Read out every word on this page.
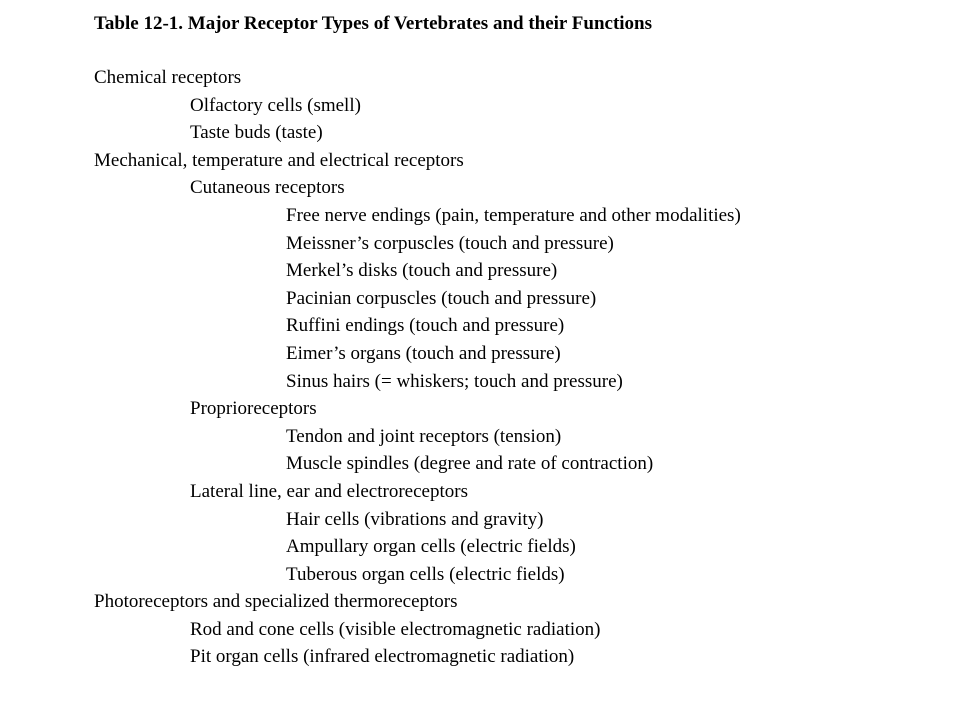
Table 12-1. Major Receptor Types of Vertebrates and their Functions
Chemical receptors
Olfactory cells (smell)
Taste buds (taste)
Mechanical, temperature and electrical receptors
Cutaneous receptors
Free nerve endings (pain, temperature and other modalities)
Meissner’s corpuscles (touch and pressure)
Merkel’s disks (touch and pressure)
Pacinian corpuscles (touch and pressure)
Ruffini endings (touch and pressure)
Eimer’s organs (touch and pressure)
Sinus hairs (= whiskers; touch and pressure)
Proprioreceptors
Tendon and joint receptors (tension)
Muscle spindles (degree and rate of contraction)
Lateral line, ear and electroreceptors
Hair cells (vibrations and gravity)
Ampullary organ cells (electric fields)
Tuberous organ cells (electric fields)
Photoreceptors and specialized thermoreceptors
Rod and cone cells (visible electromagnetic radiation)
Pit organ cells (infrared electromagnetic radiation)
